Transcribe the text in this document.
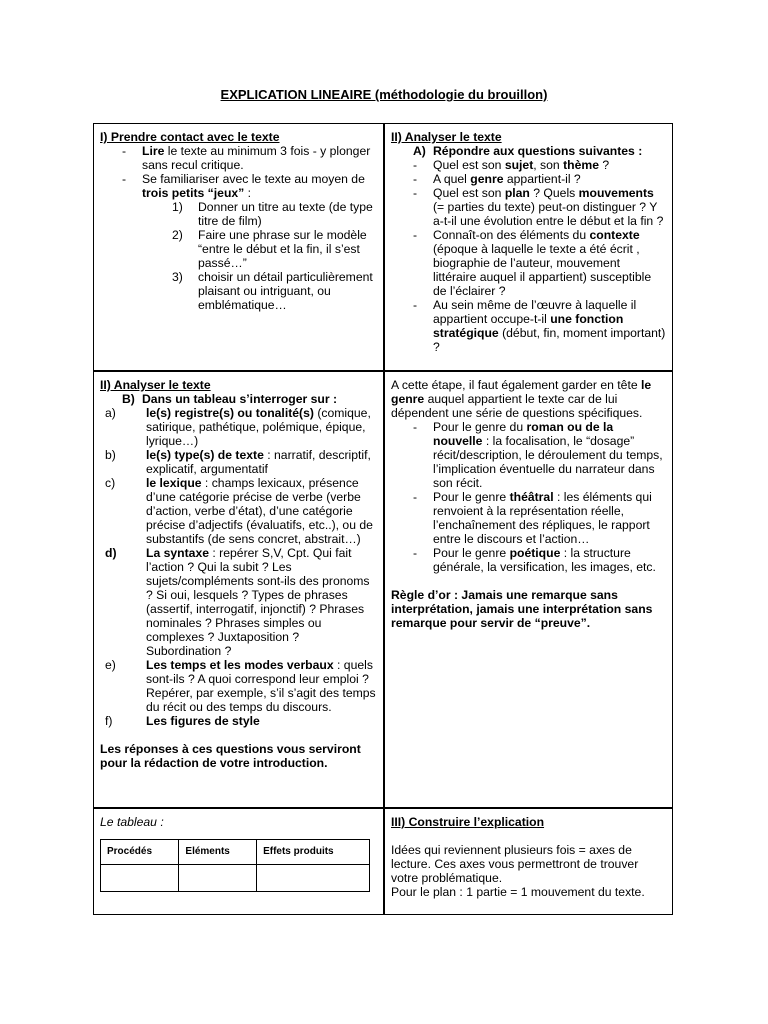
EXPLICATION LINEAIRE (méthodologie du brouillon)
I) Prendre contact avec le texte
- Lire le texte au minimum 3 fois - y plonger sans recul critique.
- Se familiariser avec le texte au moyen de trois petits “jeux” :
1) Donner un titre au texte (de type titre de film)
2) Faire une phrase sur le modèle “entre le début et la fin, il s’est passé…”
3) choisir un détail particulièrement plaisant ou intriguant, ou emblématique…
II) Analyser le texte
A) Répondre aux questions suivantes :
- Quel est son sujet, son thème ?
- A quel genre appartient-il ?
- Quel est son plan ? Quels mouvements (= parties du texte) peut-on distinguer ? Y a-t-il une évolution entre le début et la fin ?
- Connaît-on des éléments du contexte (époque à laquelle le texte a été écrit , biographie de l’auteur, mouvement littéraire auquel il appartient) susceptible de l’éclairer ?
- Au sein même de l’œuvre à laquelle il appartient occupe-t-il une fonction stratégique (début, fin, moment important) ?
II) Analyser le texte
B) Dans un tableau s’interroger sur :
a) le(s) registre(s) ou tonalité(s) (comique, satirique, pathétique, polémique, épique, lyrique…)
b) le(s) type(s) de texte : narratif, descriptif, explicatif, argumentatif
c)	le lexique : champs lexicaux, présence d’une catégorie précise de verbe (verbe d’action, verbe d’état), d’une catégorie précise d’adjectifs (évaluatifs, etc..), ou de substantifs (de sens concret, abstrait…)
d) La syntaxe : repérer S,V, Cpt. Qui fait l’action ? Qui la subit ? Les sujets/compléments sont-ils des pronoms ? Si oui, lesquels ? Types de phrases (assertif, interrogatif, injonctif) ? Phrases nominales ? Phrases simples ou complexes ? Juxtaposition ? Subordination ?
e) Les temps et les modes verbaux : quels sont-ils ? A quoi correspond leur emploi ? Repérer, par exemple, s’il s’agit des temps du récit ou des temps du discours.
f)	Les figures de style

Les réponses à ces questions vous serviront pour la rédaction de votre introduction.

A cette étape, il faut également garder en tête le genre auquel appartient le texte car de lui dépendent une série de questions spécifiques.

- Pour le genre du roman ou de la nouvelle : la focalisation, le “dosage” récit/description, le déroulement du temps, l’implication éventuelle du narrateur dans son récit.
- Pour le genre théâtral : les éléments qui renvoient à la représentation réelle, l’enchaînement des répliques, le rapport entre le discours et l’action…
- Pour le genre poétique : la structure générale, la versification, les images, etc.

Règle d’or : Jamais une remarque sans interprétation, jamais une interprétation sans remarque pour servir de “preuve”.

Le tableau :
Procédés	Eléments	Effets produits

III) Construire l’explication

Idées qui reviennent plusieurs fois = axes de lecture. Ces axes vous permettront de trouver votre problématique.

Pour le plan : 1 partie = 1 mouvement du texte.
